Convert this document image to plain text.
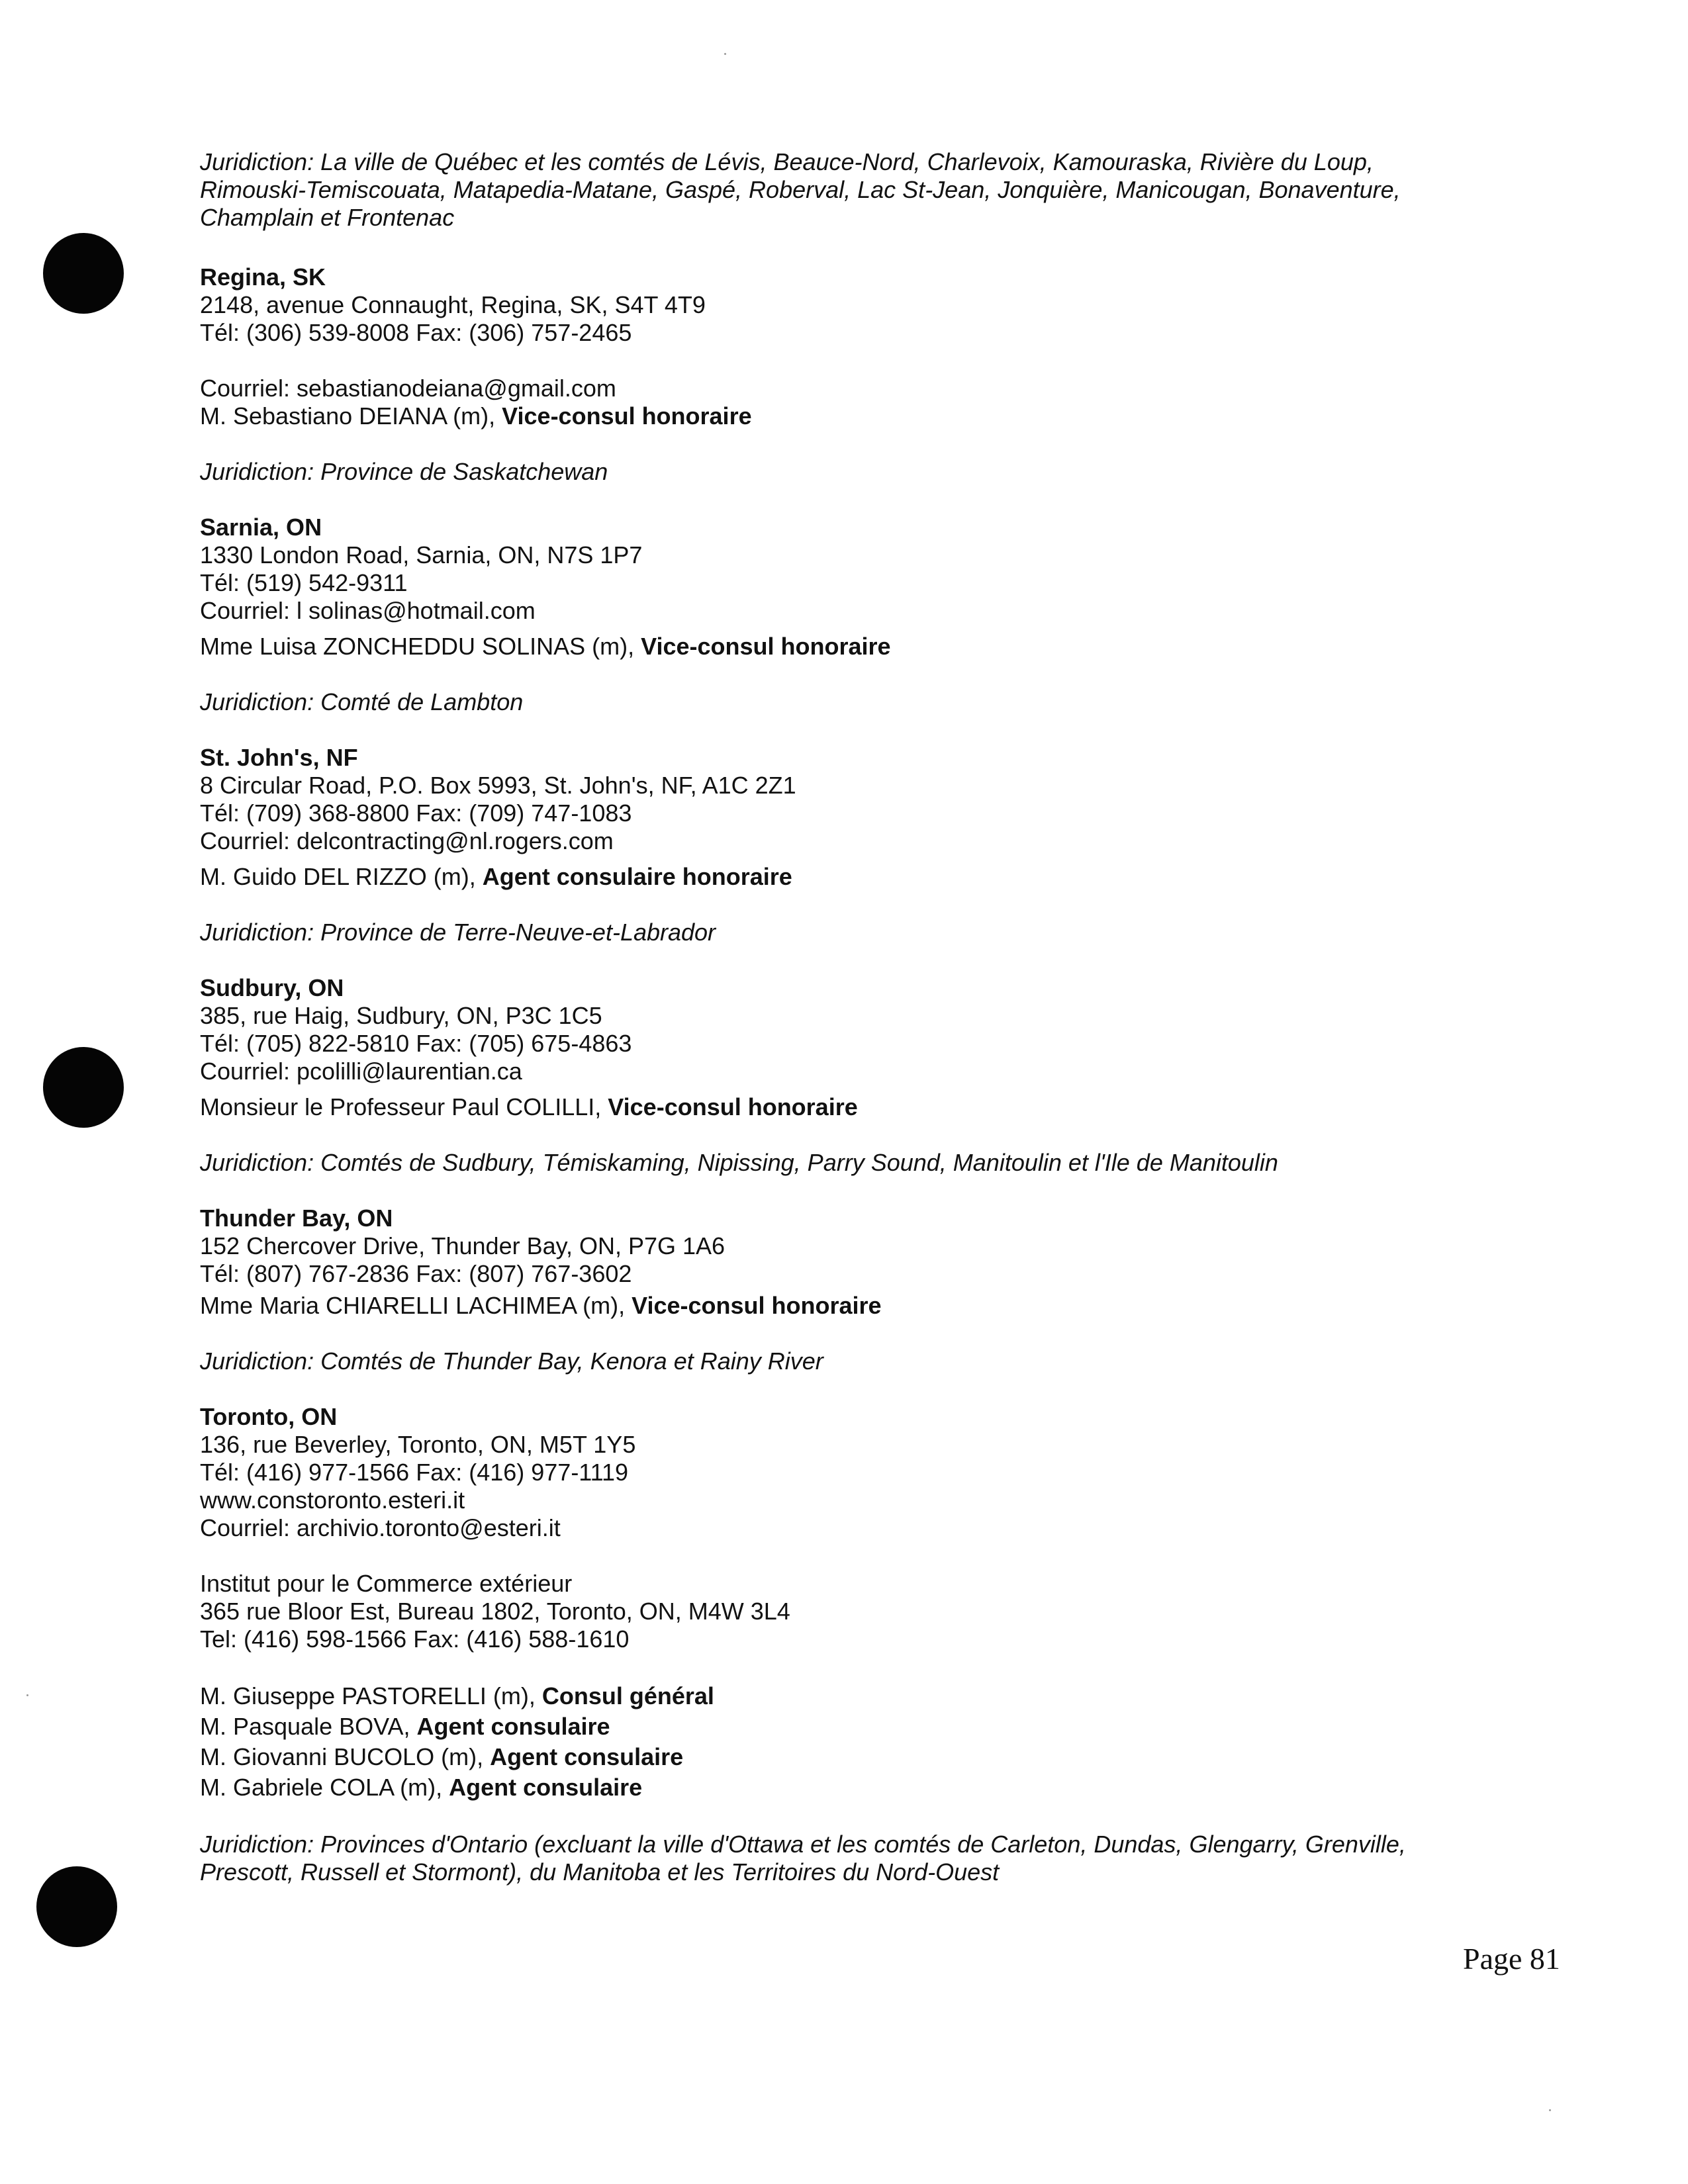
Juridiction: La ville de Québec et les comtés de Lévis, Beauce-Nord, Charlevoix, Kamouraska, Rivière du Loup,
Rimouski-Temiscouata, Matapedia-Matane, Gaspé, Roberval, Lac St-Jean, Jonquière, Manicougan, Bonaventure,
Champlain et Frontenac
Regina, SK
2148, avenue Connaught, Regina, SK, S4T 4T9
Tél: (306) 539-8008 Fax: (306) 757-2465
Courriel: sebastianodeiana@gmail.com
M. Sebastiano DEIANA (m), Vice-consul honoraire
Juridiction: Province de Saskatchewan
Sarnia, ON
1330 London Road, Sarnia, ON, N7S 1P7
Tél: (519) 542-9311
Courriel: l solinas@hotmail.com
Mme Luisa ZONCHEDDU SOLINAS (m), Vice-consul honoraire
Juridiction: Comté de Lambton
St. John's, NF
8 Circular Road, P.O. Box 5993, St. John's, NF, A1C 2Z1
Tél: (709) 368-8800 Fax: (709) 747-1083
Courriel: delcontracting@nl.rogers.com
M. Guido DEL RIZZO (m), Agent consulaire honoraire
Juridiction: Province de Terre-Neuve-et-Labrador
Sudbury, ON
385, rue Haig, Sudbury, ON, P3C 1C5
Tél: (705) 822-5810 Fax: (705) 675-4863
Courriel: pcolilli@laurentian.ca
Monsieur le Professeur Paul COLILLI, Vice-consul honoraire
Juridiction: Comtés de Sudbury, Témiskaming, Nipissing, Parry Sound, Manitoulin et l'Ile de Manitoulin
Thunder Bay, ON
152 Chercover Drive, Thunder Bay, ON, P7G 1A6
Tél: (807) 767-2836 Fax: (807) 767-3602
Mme Maria CHIARELLI LACHIMEA (m), Vice-consul honoraire
Juridiction: Comtés de Thunder Bay, Kenora et Rainy River
Toronto, ON
136, rue Beverley, Toronto, ON, M5T 1Y5
Tél: (416) 977-1566 Fax: (416) 977-1119
www.constoronto.esteri.it
Courriel: archivio.toronto@esteri.it
Institut pour le Commerce extérieur
365 rue Bloor Est, Bureau 1802, Toronto, ON, M4W 3L4
Tel: (416) 598-1566 Fax: (416) 588-1610
M. Giuseppe PASTORELLI (m), Consul général
M. Pasquale BOVA, Agent consulaire
M. Giovanni BUCOLO (m), Agent consulaire
M. Gabriele COLA (m), Agent consulaire
Juridiction: Provinces d'Ontario (excluant la ville d'Ottawa et les comtés de Carleton, Dundas, Glengarry, Grenville,
Prescott, Russell et Stormont), du Manitoba et les Territoires du Nord-Ouest
Page 81
